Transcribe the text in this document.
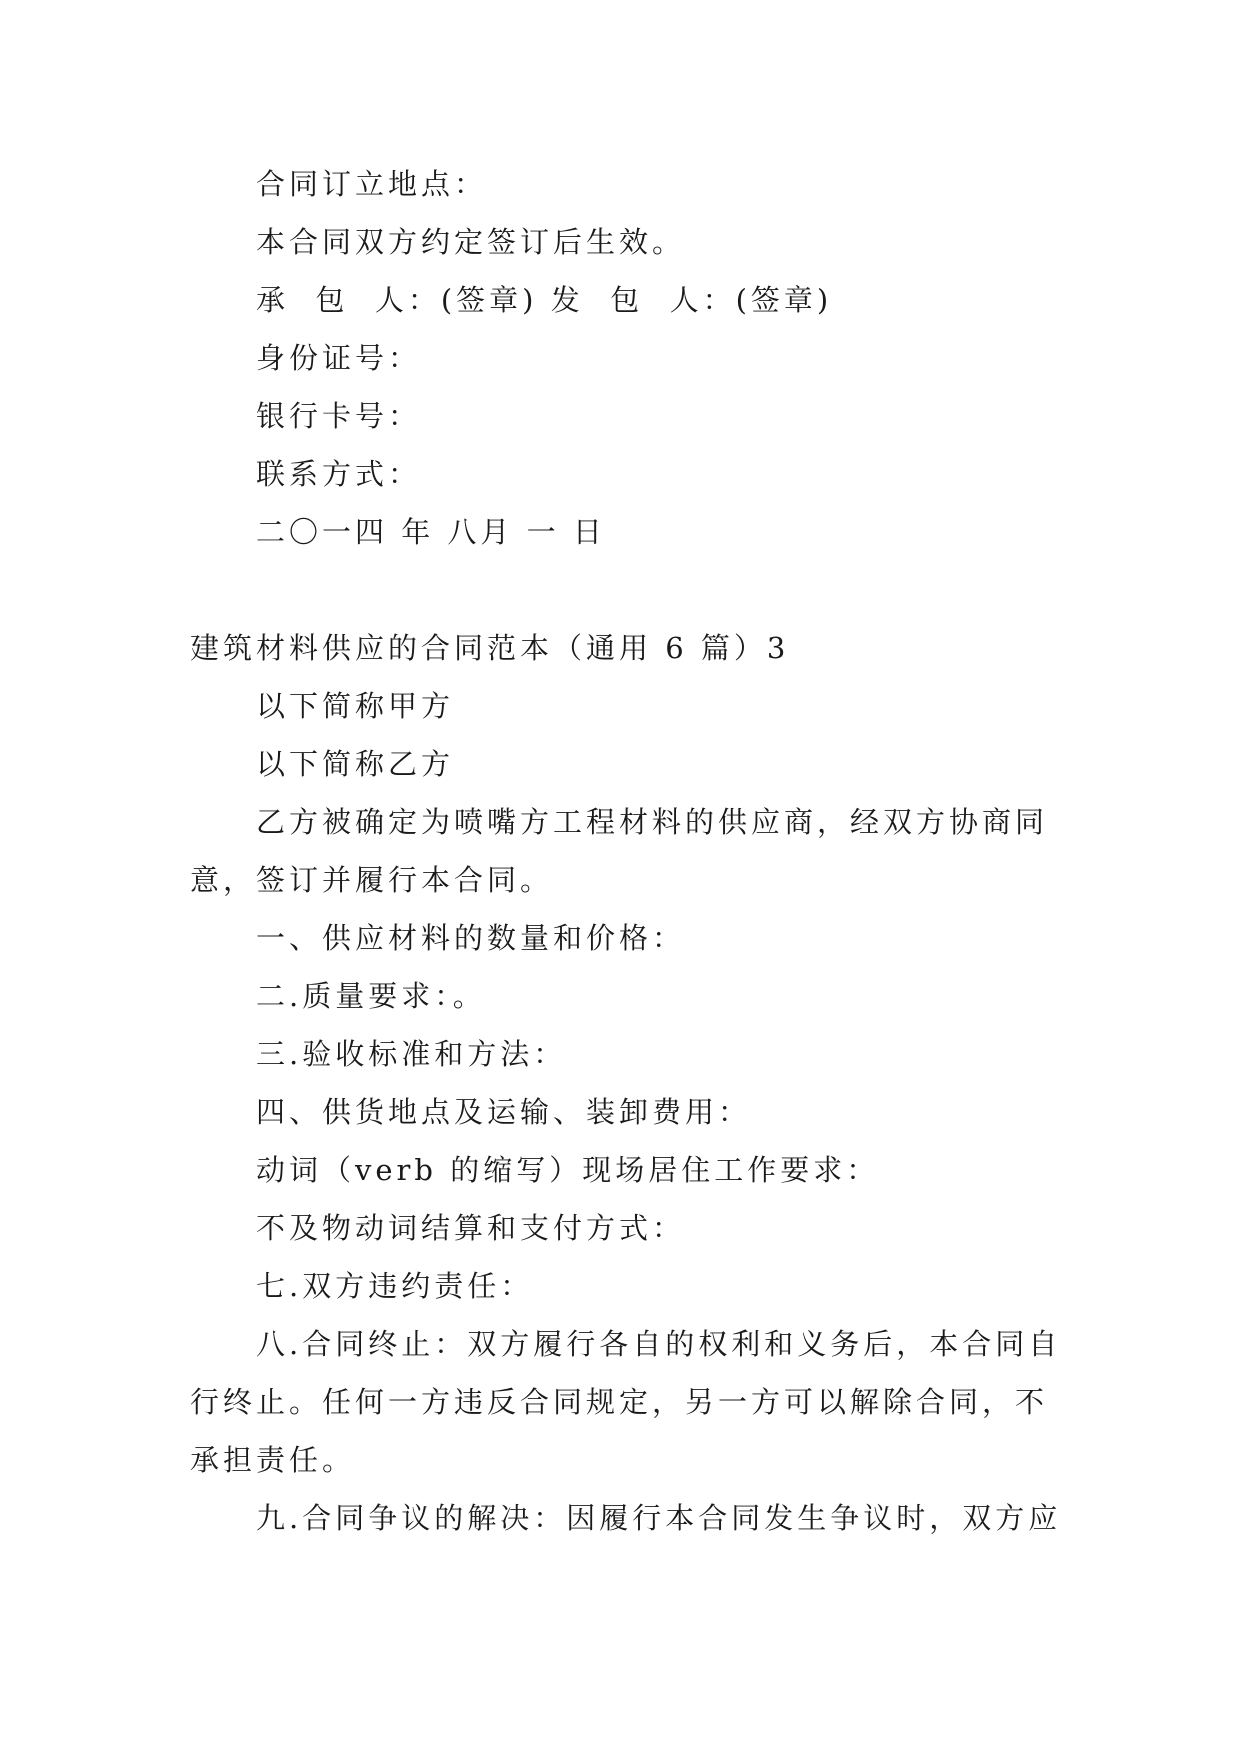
合同订立地点：
本合同双方约定签订后生效。
承  包  人：(签章) 发  包  人：(签章)
身份证号：
银行卡号：
联系方式：
二〇一四 年 八月 一 日
建筑材料供应的合同范本（通用 6 篇）3
以下简称甲方
以下简称乙方
乙方被确定为喷嘴方工程材料的供应商，经双方协商同
意，签订并履行本合同。
一、供应材料的数量和价格：
二.质量要求：。
三.验收标准和方法：
四、供货地点及运输、装卸费用：
动词（verb 的缩写）现场居住工作要求：
不及物动词结算和支付方式：
七.双方违约责任：
八.合同终止：双方履行各自的权利和义务后，本合同自
行终止。任何一方违反合同规定，另一方可以解除合同，不
承担责任。
九.合同争议的解决：因履行本合同发生争议时，双方应
